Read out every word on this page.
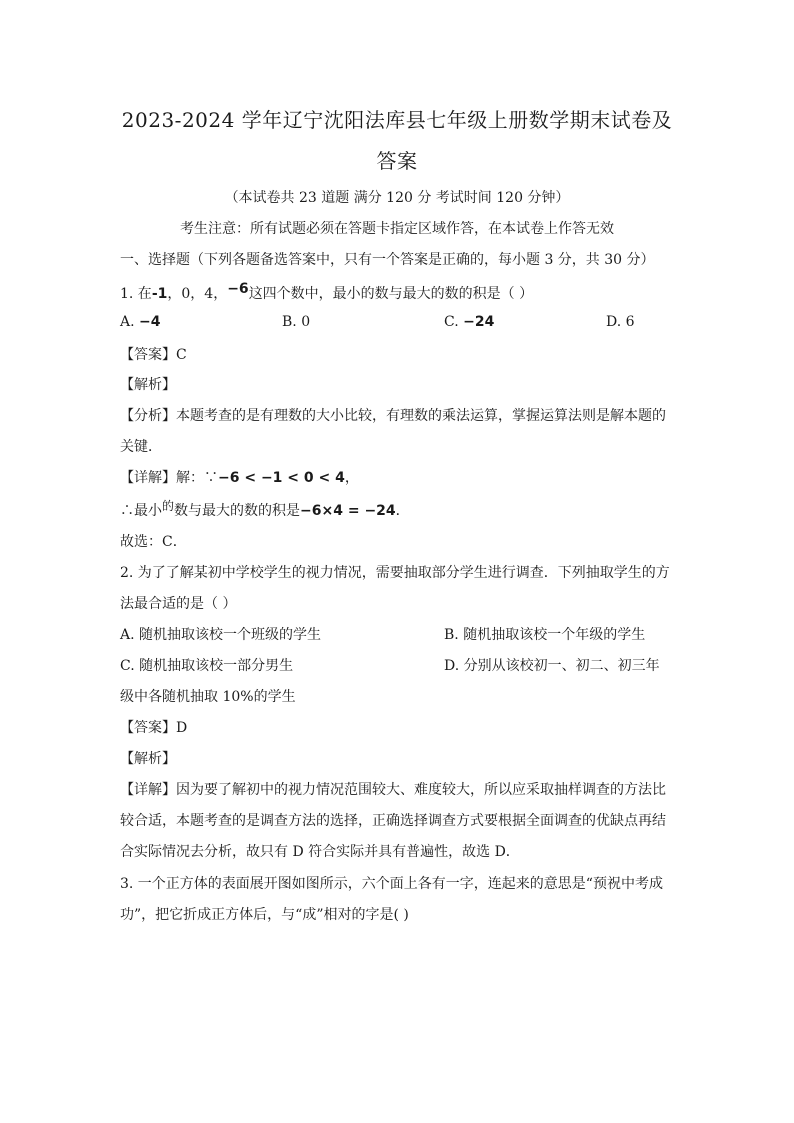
2023-2024 学年辽宁沈阳法库县七年级上册数学期末试卷及
答案
（本试卷共 23 道题 满分 120 分 考试时间 120 分钟）
考生注意：所有试题必须在答题卡指定区域作答，在本试卷上作答无效
一、选择题（下列各题备选答案中，只有一个答案是正确的，每小题 3 分，共 30 分）
1. 在-1，0，4，−6这四个数中，最小的数与最大的数的积是（ ）
A. −4	B. 0	C. −24	D. 6
【答案】C
【解析】
【分析】本题考查的是有理数的大小比较，有理数的乘法运算，掌握运算法则是解本题的
关键．
【详解】解：∵−6 < −1 < 0 < 4，
∴最小的数与最大的数的积是−6×4 = −24．
故选：C．
2. 为了了解某初中学校学生的视力情况，需要抽取部分学生进行调查．下列抽取学生的方
法最合适的是（ ）
A. 随机抽取该校一个班级的学生	B. 随机抽取该校一个年级的学生
C. 随机抽取该校一部分男生	D. 分别从该校初一、初二、初三年
级中各随机抽取 10%的学生
【答案】D
【解析】
【详解】因为要了解初中的视力情况范围较大、难度较大，所以应采取抽样调查的方法比
较合适，本题考查的是调查方法的选择，正确选择调查方式要根据全面调查的优缺点再结
合实际情况去分析，故只有 D 符合实际并具有普遍性，故选 D．
3. 一个正方体的表面展开图如图所示，六个面上各有一字，连起来的意思是“预祝中考成
功”，把它折成正方体后，与“成”相对的字是( )
